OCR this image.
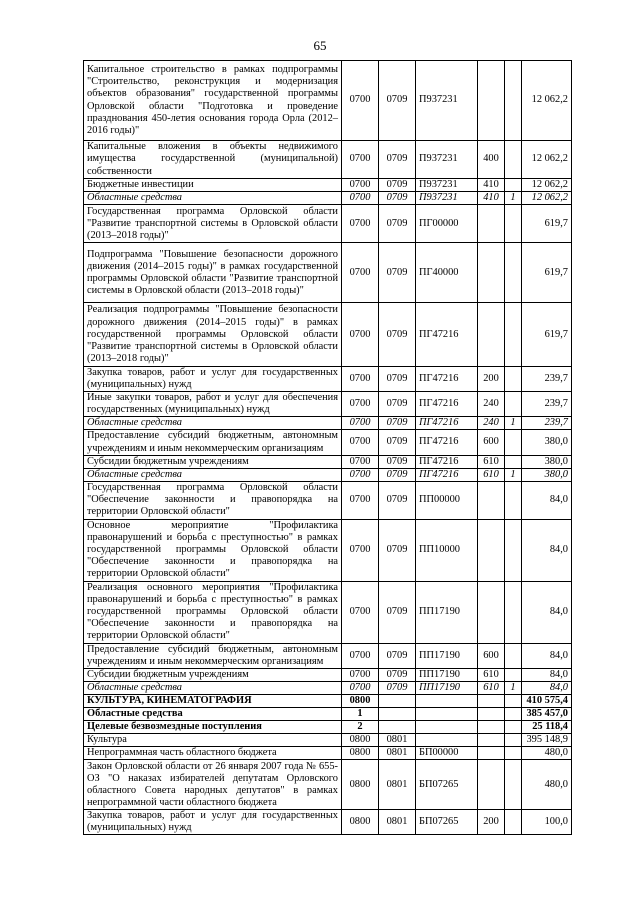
65
Капитальное строительство в рамках подпрограммы "Строительство, реконструкция и модернизация объектов образования" государственной программы Орловской области "Подготовка и проведение празднования 450-летия основания города Орла (2012–2016 годы)"	0700	0709	П937231			12 062,2
Капитальные вложения в объекты недвижимого имущества государственной (муниципальной) собственности	0700	0709	П937231	400		12 062,2
Бюджетные инвестиции	0700	0709	П937231	410		12 062,2
Областные средства	0700	0709	П937231	410	1	12 062,2
Государственная программа Орловской области "Развитие транспортной системы в Орловской области (2013–2018 годы)"	0700	0709	ПГ00000			619,7
Подпрограмма "Повышение безопасности дорожного движения (2014–2015 годы)" в рамках государственной программы Орловской области "Развитие транспортной системы в Орловской области (2013–2018 годы)"	0700	0709	ПГ40000			619,7
Реализация подпрограммы "Повышение безопасности дорожного движения (2014–2015 годы)" в рамках государственной программы Орловской области "Развитие транспортной системы в Орловской области (2013–2018 годы)"	0700	0709	ПГ47216			619,7
Закупка товаров, работ и услуг для государственных (муниципальных) нужд	0700	0709	ПГ47216	200		239,7
Иные закупки товаров, работ и услуг для обеспечения государственных (муниципальных) нужд	0700	0709	ПГ47216	240		239,7
Областные средства	0700	0709	ПГ47216	240	1	239,7
Предоставление субсидий бюджетным, автономным учреждениям и иным некоммерческим организациям	0700	0709	ПГ47216	600		380,0
Субсидии бюджетным учреждениям	0700	0709	ПГ47216	610		380,0
Областные средства	0700	0709	ПГ47216	610	1	380,0
Государственная программа Орловской области "Обеспечение законности и правопорядка на территории Орловской области"	0700	0709	ПП00000			84,0
Основное мероприятие "Профилактика правонарушений и борьба с преступностью" в рамках государственной программы Орловской области "Обеспечение законности и правопорядка на территории Орловской области"	0700	0709	ПП10000			84,0
Реализация основного мероприятия "Профилактика правонарушений и борьба с преступностью" в рамках государственной программы Орловской области "Обеспечение законности и правопорядка на территории Орловской области"	0700	0709	ПП17190			84,0
Предоставление субсидий бюджетным, автономным учреждениям и иным некоммерческим организациям	0700	0709	ПП17190	600		84,0
Субсидии бюджетным учреждениям	0700	0709	ПП17190	610		84,0
Областные средства	0700	0709	ПП17190	610	1	84,0
КУЛЬТУРА, КИНЕМАТОГРАФИЯ	0800					410 575,4
Областные средства	1					385 457,0
Целевые безвозмездные поступления	2					25 118,4
Культура	0800	0801				395 148,9
Непрограммная часть областного бюджета	0800	0801	БП00000			480,0
Закон Орловской области от 26 января 2007 года № 655-ОЗ "О наказах избирателей депутатам Орловского областного Совета народных депутатов" в рамках непрограммной части областного бюджета	0800	0801	БП07265			480,0
Закупка товаров, работ и услуг для государственных (муниципальных) нужд	0800	0801	БП07265	200		100,0
